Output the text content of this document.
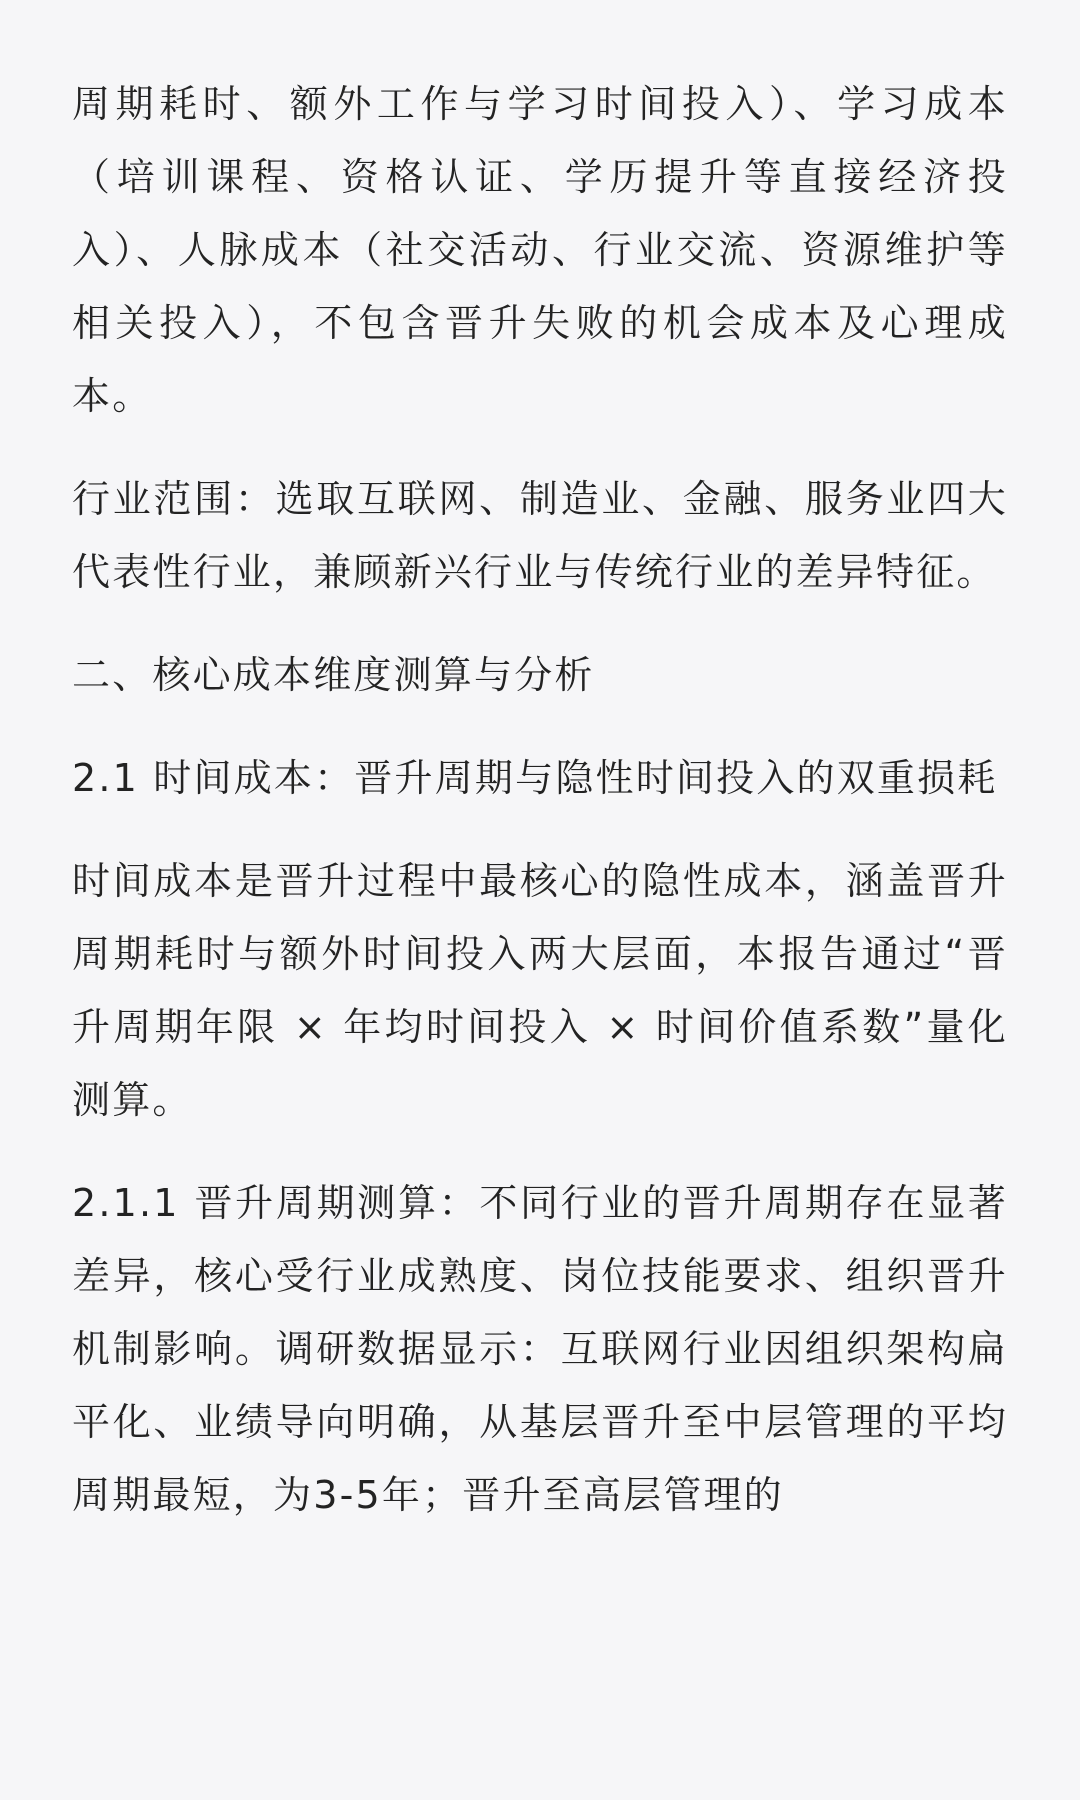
周期耗时、额外工作与学习时间投入）、学习成本（培训课程、资格认证、学历提升等直接经济投入）、人脉成本（社交活动、行业交流、资源维护等相关投入），不包含晋升失败的机会成本及心理成本。

行业范围：选取互联网、制造业、金融、服务业四大代表性行业，兼顾新兴行业与传统行业的差异特征。

二、核心成本维度测算与分析

2.1 时间成本：晋升周期与隐性时间投入的双重损耗

时间成本是晋升过程中最核心的隐性成本，涵盖晋升周期耗时与额外时间投入两大层面，本报告通过“晋升周期年限 × 年均时间投入 × 时间价值系数”量化测算。

2.1.1 晋升周期测算：不同行业的晋升周期存在显著差异，核心受行业成熟度、岗位技能要求、组织晋升机制影响。调研数据显示：互联网行业因组织架构扁平化、业绩导向明确，从基层晋升至中层管理的平均周期最短，为3-5年；晋升至高层管理的
